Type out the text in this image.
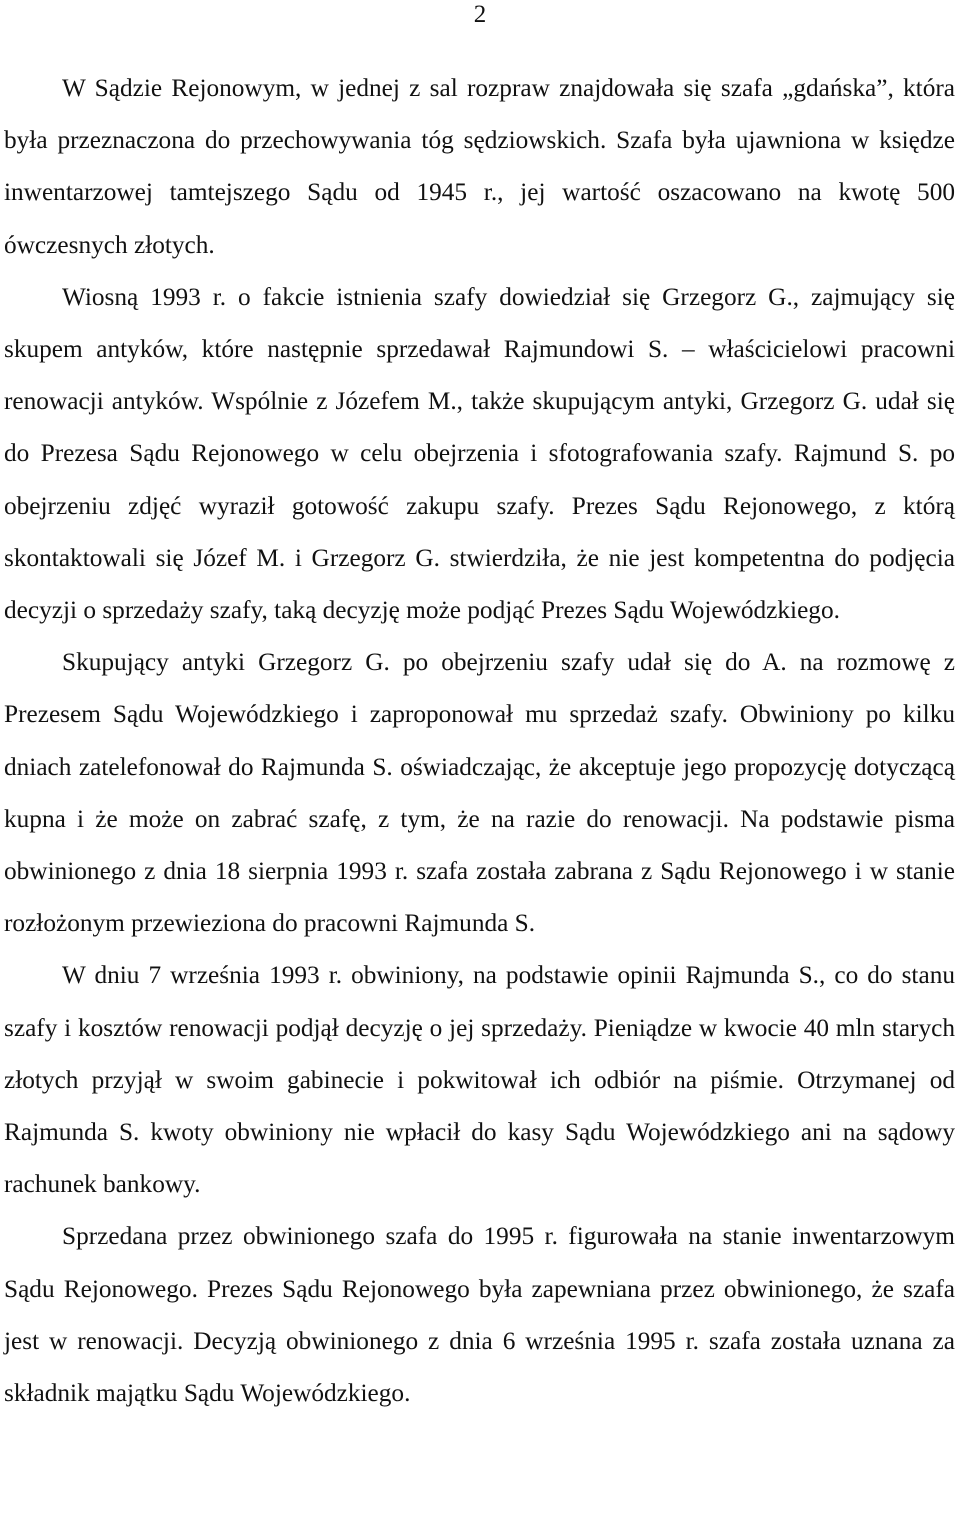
2

W Sądzie Rejonowym, w jednej z sal rozpraw znajdowała się szafa „gdańska”, która była przeznaczona do przechowywania tóg sędziowskich. Szafa była ujawniona w księdze inwentarzowej tamtejszego Sądu od 1945 r., jej wartość oszacowano na kwotę 500 ówczesnych złotych.

Wiosną 1993 r. o fakcie istnienia szafy dowiedział się Grzegorz G., zajmujący się skupem antyków, które następnie sprzedawał Rajmundowi S. – właścicielowi pracowni renowacji antyków. Wspólnie z Józefem M., także skupującym antyki, Grzegorz G. udał się do Prezesa Sądu Rejonowego w celu obejrzenia i sfotografowania szafy. Rajmund S. po obejrzeniu zdjęć wyraził gotowość zakupu szafy. Prezes Sądu Rejonowego, z którą skontaktowali się Józef M. i Grzegorz G. stwierdziła, że nie jest kompetentna do podjęcia decyzji o sprzedaży szafy, taką decyzję może podjąć Prezes Sądu Wojewódzkiego.

Skupujący antyki Grzegorz G. po obejrzeniu szafy udał się do A. na rozmowę z Prezesem Sądu Wojewódzkiego i zaproponował mu sprzedaż szafy. Obwiniony po kilku dniach zatelefonował do Rajmunda S. oświadczając, że akceptuje jego propozycję dotyczącą kupna i że może on zabrać szafę, z tym, że na razie do renowacji. Na podstawie pisma obwinionego z dnia 18 sierpnia 1993 r. szafa została zabrana z Sądu Rejonowego i w stanie rozłożonym przewieziona do pracowni Rajmunda S.

W dniu 7 września 1993 r. obwiniony, na podstawie opinii Rajmunda S., co do stanu szafy i kosztów renowacji podjął decyzję o jej sprzedaży. Pieniądze w kwocie 40 mln starych złotych przyjął w swoim gabinecie i pokwitował ich odbiór na piśmie. Otrzymanej od Rajmunda S. kwoty obwiniony nie wpłacił do kasy Sądu Wojewódzkiego ani na sądowy rachunek bankowy.

Sprzedana przez obwinionego szafa do 1995 r. figurowała na stanie inwentarzowym Sądu Rejonowego. Prezes Sądu Rejonowego była zapewniana przez obwinionego, że szafa jest w renowacji. Decyzją obwinionego z dnia 6 września 1995 r. szafa została uznana za składnik majątku Sądu Wojewódzkiego.
